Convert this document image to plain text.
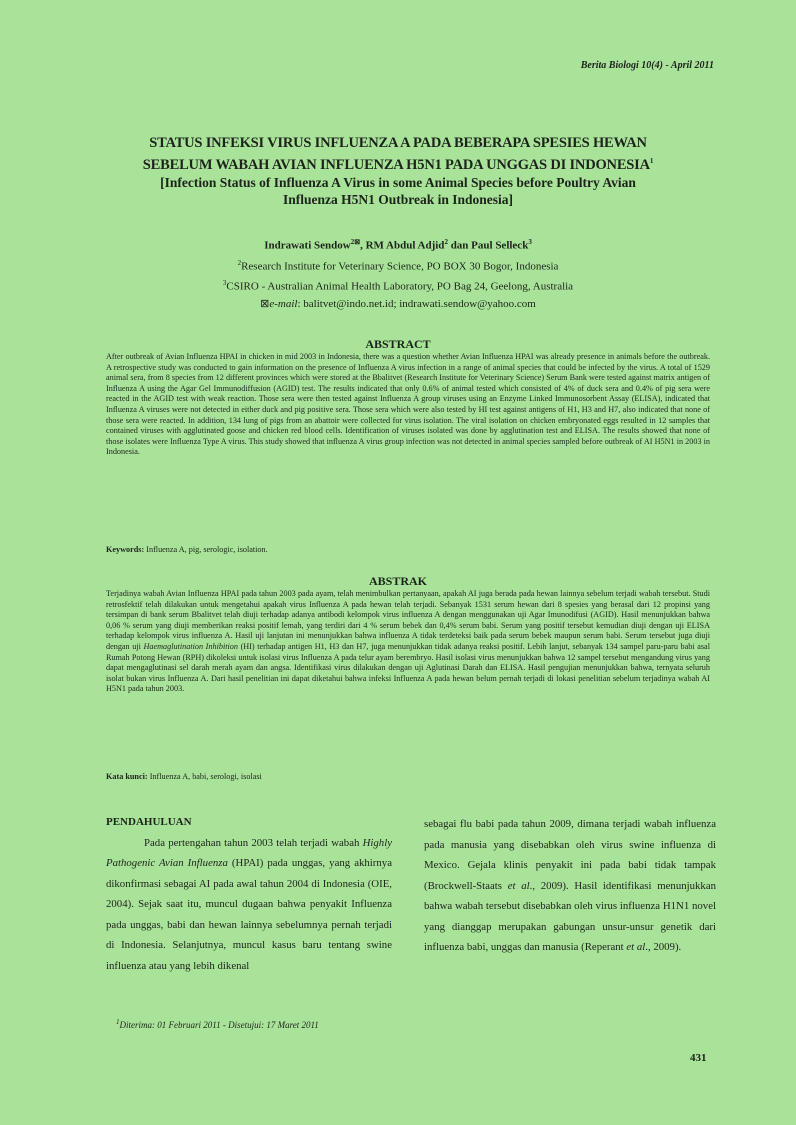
Berita Biologi 10(4) - April 2011
STATUS INFEKSI VIRUS INFLUENZA A PADA BEBERAPA SPESIES HEWAN
SEBELUM WABAH AVIAN INFLUENZA H5N1 PADA UNGGAS DI INDONESIA$^1$
[Infection Status of Influenza A Virus in some Animal Species before Poultry Avian
Influenza H5N1 Outbreak in Indonesia]
Indrawati Sendow$^{2⊠}$, RM Abdul Adjid$^2$ dan Paul Selleck$^3$
$^2$Research Institute for Veterinary Science, PO BOX 30 Bogor, Indonesia
$^3$CSIRO - Australian Animal Health Laboratory, PO Bag 24, Geelong, Australia
⊠e-mail: balitvet@indo.net.id; indrawati.sendow@yahoo.com
ABSTRACT
After outbreak of Avian Influenza HPAI in chicken in mid 2003 in Indonesia, there was a question whether Avian Influenza HPAI was already presence in animals before the outbreak. A retrospective study was conducted to gain information on the presence of Influenza A virus infection in a range of animal species that could be infected by the virus. A total of 1529 animal sera, from 8 species from 12 different provinces which were stored at the Bbalitvet (Research Institute for Veterinary Science) Serum Bank were tested against matrix antigen of Influenza A using the Agar Gel Immunodiffusion (AGID) test. The results indicated that only 0.6% of animal tested which consisted of 4% of duck sera and 0.4% of pig sera were reacted in the AGID test with weak reaction. Those sera were then tested against Influenza A group viruses using an Enzyme Linked Immunosorbent Assay (ELISA), indicated that Influenza A viruses were not detected in either duck and pig positive sera. Those sera which were also tested by HI test against antigens of H1, H3 and H7, also indicated that none of those sera were reacted. In addition, 134 lung of pigs from an abattoir were collected for virus isolation. The viral isolation on chicken embryonated eggs resulted in 12 samples that contained viruses with agglutinated goose and chicken red blood cells. Identification of viruses isolated was done by agglutination test and ELISA. The results showed that none of those isolates were Influenza Type A virus. This study showed that influenza A virus group infection was not detected in animal species sampled before outbreak of AI H5N1 in 2003 in Indonesia.
Keywords: Influenza A, pig, serologic, isolation.
ABSTRAK
Terjadinya wabah Avian Influenza HPAI pada tahun 2003 pada ayam, telah menimbulkan pertanyaan, apakah AI juga berada pada hewan lainnya sebelum terjadi wabah tersebut. Studi retrosfektif telah dilakukan untuk mengetahui apakah virus Influenza A pada hewan telah terjadi. Sebanyak 1531 serum hewan dari 8 spesies yang berasal dari 12 propinsi yang tersimpan di bank serum Bbalitvet telah diuji terhadap adanya antibodi kelompok virus influenza A dengan menggunakan uji Agar Imunodifusi (AGID). Hasil menunjukkan bahwa 0,06 % serum yang diuji memberikan reaksi positif lemah, yang terdiri dari 4 % serum bebek dan 0,4% serum babi. Serum yang positif tersebut kemudian diuji dengan uji ELISA terhadap kelompok virus influenza A. Hasil uji lanjutan ini menunjukkan bahwa influenza A tidak terdeteksi baik pada serum bebek maupun serum babi. Serum tersebut juga diuji dengan uji Haemaglutination Inhibition (HI) terhadap antigen H1, H3 dan H7, juga menunjukkan tidak adanya reaksi positif. Lebih lanjut, sebanyak 134 sampel paru-paru babi asal Rumah Potong Hewan (RPH) dikoleksi untuk isolasi virus Influenza A pada telur ayam berembryo. Hasil isolasi virus menunjukkan bahwa 12 sampel tersebut mengandung virus yang dapat mengaglutinasi sel darah merah ayam dan angsa. Identifikasi virus dilakukan dengan uji Aglutinasi Darah dan ELISA. Hasil pengujian menunjukkan bahwa, ternyata seluruh isolat bukan virus Influenza A. Dari hasil penelitian ini dapat diketahui bahwa infeksi Influenza A pada hewan belum pernah terjadi di lokasi penelitian sebelum terjadinya wabah AI H5N1 pada tahun 2003.
Kata kunci: Influenza A, babi, serologi, isolasi
PENDAHULUAN

Pada pertengahan tahun 2003 telah terjadi wabah Highly Pathogenic Avian Influenza (HPAI) pada unggas, yang akhirnya dikonfirmasi sebagai AI pada awal tahun 2004 di Indonesia (OIE, 2004). Sejak saat itu, muncul dugaan bahwa penyakit Influenza pada unggas, babi dan hewan lainnya sebelumnya pernah terjadi di Indonesia. Selanjutnya, muncul kasus baru tentang swine influenza atau yang lebih dikenal

sebagai flu babi pada tahun 2009, dimana terjadi wabah influenza pada manusia yang disebabkan oleh virus swine influenza di Mexico. Gejala klinis penyakit ini pada babi tidak tampak (Brockwell-Staats et al., 2009). Hasil identifikasi menunjukkan bahwa wabah tersebut disebabkan oleh virus influenza H1N1 novel yang dianggap merupakan gabungan unsur-unsur genetik dari influenza babi, unggas dan manusia (Reperant et al., 2009).

$^1$Diterima: 01 Februari 2011 - Disetujui: 17 Maret 2011
431
